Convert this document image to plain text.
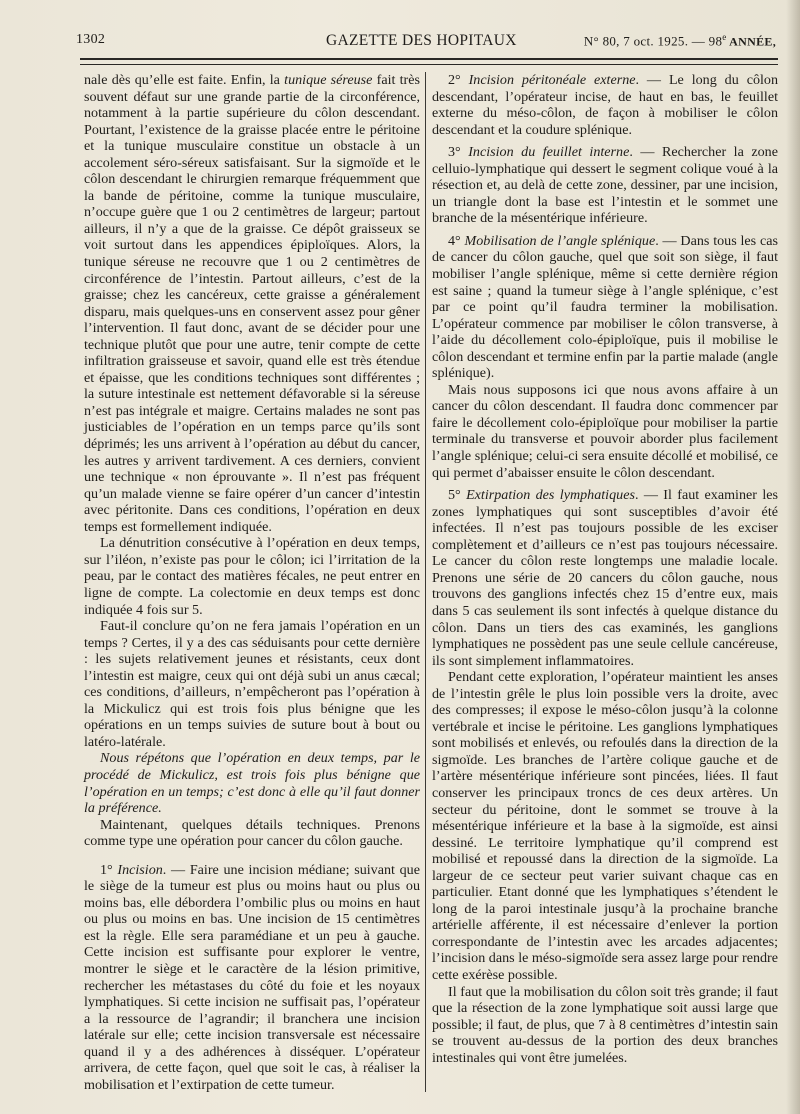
1302	GAZETTE DES HOPITAUX	N° 80, 7 oct. 1925. — 98e ANNÉE,

nale dès qu’elle est faite. Enfin, la tunique séreuse fait très souvent défaut sur une grande partie de la circonférence, notamment à la partie supérieure du côlon descendant. Pourtant, l’existence de la graisse placée entre le péritoine et la tunique musculaire constitue un obstacle à un accolement séro-séreux satisfaisant. Sur la sigmoïde et le côlon descendant le chirurgien remarque fréquemment que la bande de péritoine, comme la tunique musculaire, n’occupe guère que 1 ou 2 centimètres de largeur; partout ailleurs, il n’y a que de la graisse. Ce dépôt graisseux se voit surtout dans les appendices épiploïques. Alors, la tunique séreuse ne recouvre que 1 ou 2 centimètres de circonférence de l’intestin. Partout ailleurs, c’est de la graisse; chez les cancéreux, cette graisse a généralement disparu, mais quelques-uns en conservent assez pour gêner l’intervention. Il faut donc, avant de se décider pour une technique plutôt que pour une autre, tenir compte de cette infiltration graisseuse et savoir, quand elle est très étendue et épaisse, que les conditions techniques sont différentes ; la suture intestinale est nettement défavorable si la séreuse n’est pas intégrale et maigre. Certains malades ne sont pas justiciables de l’opération en un temps parce qu’ils sont déprimés; les uns arrivent à l’opération au début du cancer, les autres y arrivent tardivement. A ces derniers, convient une technique « non éprouvante ». Il n’est pas fréquent qu’un malade vienne se faire opérer d’un cancer d’intestin avec péritonite. Dans ces conditions, l’opération en deux temps est formellement indiquée.

La dénutrition consécutive à l’opération en deux temps, sur l’iléon, n’existe pas pour le côlon; ici l’irritation de la peau, par le contact des matières fécales, ne peut entrer en ligne de compte. La colectomie en deux temps est donc indiquée 4 fois sur 5.

Faut-il conclure qu’on ne fera jamais l’opération en un temps ? Certes, il y a des cas séduisants pour cette dernière : les sujets relativement jeunes et résistants, ceux dont l’intestin est maigre, ceux qui ont déjà subi un anus cæcal; ces conditions, d’ailleurs, n’empêcheront pas l’opération à la Mickulicz qui est trois fois plus bénigne que les opérations en un temps suivies de suture bout à bout ou latéro-latérale.

Nous répétons que l’opération en deux temps, par le procédé de Mickulicz, est trois fois plus bénigne que l’opération en un temps; c’est donc à elle qu’il faut donner la préférence.

Maintenant, quelques détails techniques. Prenons comme type une opération pour cancer du côlon gauche.

1° Incision. — Faire une incision médiane; suivant que le siège de la tumeur est plus ou moins haut ou plus ou moins bas, elle débordera l’ombilic plus ou moins en haut ou plus ou moins en bas. Une incision de 15 centimètres est la règle. Elle sera paramédiane et un peu à gauche. Cette incision est suffisante pour explorer le ventre, montrer le siège et le caractère de la lésion primitive, rechercher les métastases du côté du foie et les noyaux lymphatiques. Si cette incision ne suffisait pas, l’opérateur a la ressource de l’agrandir; il branchera une incision latérale sur elle; cette incision transversale est nécessaire quand il y a des adhérences à disséquer. L’opérateur arrivera, de cette façon, quel que soit le cas, à réaliser la mobilisation et l’extirpation de cette tumeur.

2° Incision péritonéale externe. — Le long du côlon descendant, l’opérateur incise, de haut en bas, le feuillet externe du méso-côlon, de façon à mobiliser le côlon descendant et la coudure splénique.

3° Incision du feuillet interne. — Rechercher la zone celluio-lymphatique qui dessert le segment colique voué à la résection et, au delà de cette zone, dessiner, par une incision, un triangle dont la base est l’intestin et le sommet une branche de la mésentérique inférieure.

4° Mobilisation de l’angle splénique. — Dans tous les cas de cancer du côlon gauche, quel que soit son siège, il faut mobiliser l’angle splénique, même si cette dernière région est saine ; quand la tumeur siège à l’angle splénique, c’est par ce point qu’il faudra terminer la mobilisation. L’opérateur commence par mobiliser le côlon transverse, à l’aide du décollement colo-épiploïque, puis il mobilise le côlon descendant et termine enfin par la partie malade (angle splénique).

Mais nous supposons ici que nous avons affaire à un cancer du côlon descendant. Il faudra donc commencer par faire le décollement colo-épiploïque pour mobiliser la partie terminale du transverse et pouvoir aborder plus facilement l’angle splénique; celui-ci sera ensuite décollé et mobilisé, ce qui permet d’abaisser ensuite le côlon descendant.

5° Extirpation des lymphatiques. — Il faut examiner les zones lymphatiques qui sont susceptibles d’avoir été infectées. Il n’est pas toujours possible de les exciser complètement et d’ailleurs ce n’est pas toujours nécessaire. Le cancer du côlon reste longtemps une maladie locale. Prenons une série de 20 cancers du côlon gauche, nous trouvons des ganglions infectés chez 15 d’entre eux, mais dans 5 cas seulement ils sont infectés à quelque distance du côlon. Dans un tiers des cas examinés, les ganglions lymphatiques ne possèdent pas une seule cellule cancéreuse, ils sont simplement inflammatoires.

Pendant cette exploration, l’opérateur maintient les anses de l’intestin grêle le plus loin possible vers la droite, avec des compresses; il expose le méso-côlon jusqu’à la colonne vertébrale et incise le péritoine. Les ganglions lymphatiques sont mobilisés et enlevés, ou refoulés dans la direction de la sigmoïde. Les branches de l’artère colique gauche et de l’artère mésentérique inférieure sont pincées, liées. Il faut conserver les principaux troncs de ces deux artères. Un secteur du péritoine, dont le sommet se trouve à la mésentérique inférieure et la base à la sigmoïde, est ainsi dessiné. Le territoire lymphatique qu’il comprend est mobilisé et repoussé dans la direction de la sigmoïde. La largeur de ce secteur peut varier suivant chaque cas en particulier. Etant donné que les lymphatiques s’étendent le long de la paroi intestinale jusqu’à la prochaine branche artérielle afférente, il est nécessaire d’enlever la portion correspondante de l’intestin avec les arcades adjacentes; l’incision dans le méso-sigmoïde sera assez large pour rendre cette exérèse possible.

Il faut que la mobilisation du côlon soit très grande; il faut que la résection de la zone lymphatique soit aussi large que possible; il faut, de plus, que 7 à 8 centimètres d’intestin sain se trouvent au-dessus de la portion des deux branches intestinales qui vont être jumelées.
